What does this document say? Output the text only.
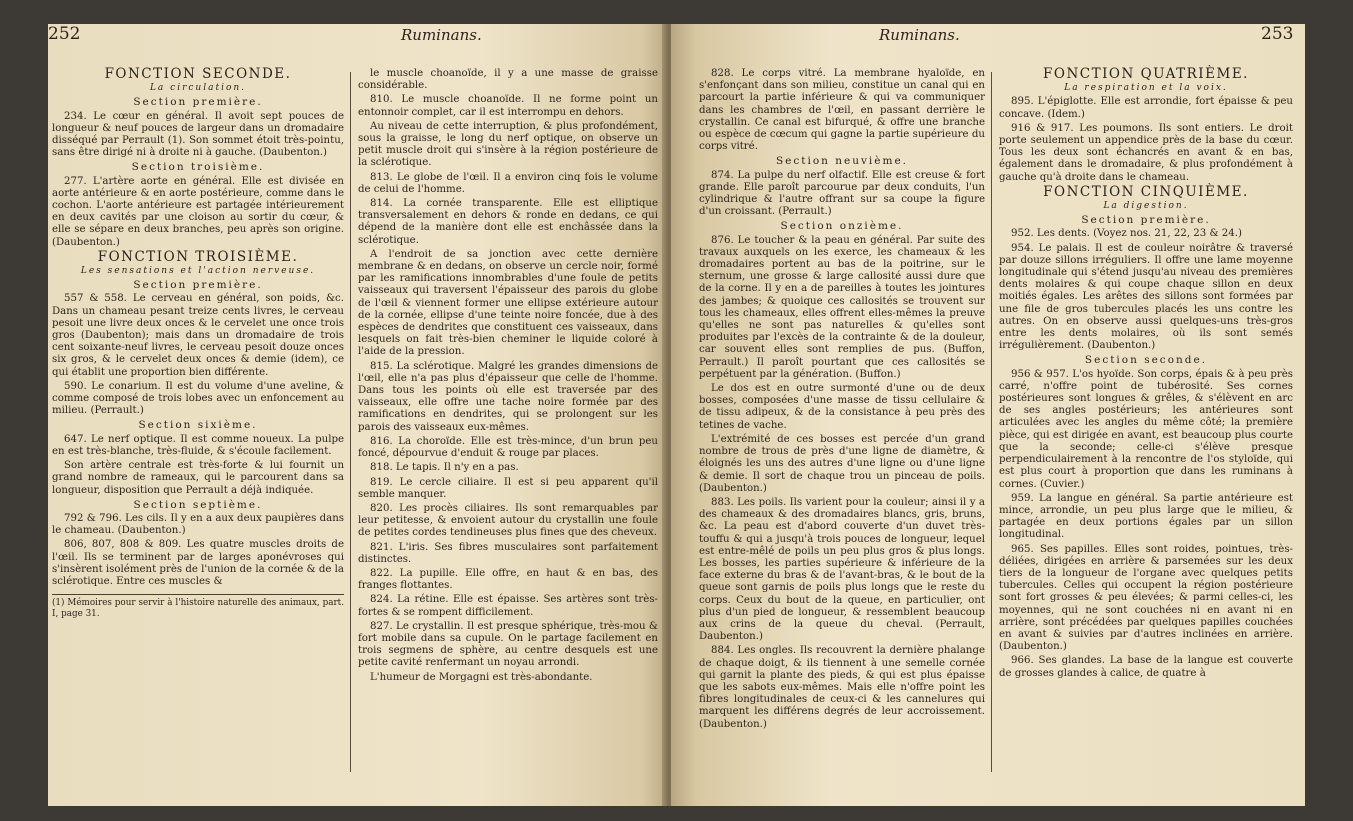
Ruminans.
252

FONCTION SECONDE.

La circulation.

Section première.

234. Le cœur en général. Il avoit sept pouces de longueur & neuf pouces de largeur dans un dromadaire disséqué par Perrault (1). Son sommet étoit très-pointu, sans être dirigé ni à droite ni à gauche. (Daubenton.)

Section troisième.

277. L'artère aorte en général. Elle est divisée en aorte antérieure & en aorte postérieure, comme dans le cochon. L'aorte antérieure est partagée intérieurement en deux cavités par une cloison au sortir du cœur, & elle se sépare en deux branches, peu après son origine. (Daubenton.)

FONCTION TROISIÈME.

Les sensations et l'action nerveuse.

Section première.

557 & 558. Le cerveau en général, son poids, &c. Dans un chameau pesant treize cents livres, le cerveau pesoit une livre deux onces & le cervelet une once trois gros (Daubenton); mais dans un dromadaire de trois cent soixante-neuf livres, le cerveau pesoit douze onces six gros, & le cervelet deux onces & demie (idem), ce qui établit une proportion bien différente.

590. Le conarium. Il est du volume d'une aveline, & comme composé de trois lobes avec un enfoncement au milieu. (Perrault.)

Section sixième.

647. Le nerf optique. Il est comme noueux. La pulpe en est très-blanche, très-fluide, & s'écoule facilement.

Son artère centrale est très-forte & lui fournit un grand nombre de rameaux, qui le parcourent dans sa longueur, disposition que Perrault a déjà indiquée.

Section septième.

792 & 796. Les cils. Il y en a aux deux paupières dans le chameau. (Daubenton.)

806, 807, 808 & 809. Les quatre muscles droits de l'œil. Ils se terminent par de larges aponévroses qui s'insèrent isolément près de l'union de la cornée & de la sclérotique. Entre ces muscles &

(1) Mémoires pour servir à l'histoire naturelle des animaux, part. I, page 31.

le muscle choanoïde, il y a une masse de graisse considérable.

810. Le muscle choanoïde. Il ne forme point un entonnoir complet, car il est interrompu en dehors.

Au niveau de cette interruption, & plus profondément, sous la graisse, le long du nerf optique, on observe un petit muscle droit qui s'insère à la région postérieure de la sclérotique.

813. Le globe de l'œil. Il a environ cinq fois le volume de celui de l'homme.

814. La cornée transparente. Elle est elliptique transversalement en dehors & ronde en dedans, ce qui dépend de la manière dont elle est enchâssée dans la sclérotique.

A l'endroit de sa jonction avec cette dernière membrane & en dedans, on observe un cercle noir, formé par les ramifications innombrables d'une foule de petits vaisseaux qui traversent l'épaisseur des parois du globe de l'œil & viennent former une ellipse extérieure autour de la cornée, ellipse d'une teinte noire foncée, due à des espèces de dendrites que constituent ces vaisseaux, dans lesquels on fait très-bien cheminer le liquide coloré à l'aide de la pression.

815. La sclérotique. Malgré les grandes dimensions de l'œil, elle n'a pas plus d'épaisseur que celle de l'homme. Dans tous les points où elle est traversée par des vaisseaux, elle offre une tache noire formée par des ramifications en dendrites, qui se prolongent sur les parois des vaisseaux eux-mêmes.

816. La choroïde. Elle est très-mince, d'un brun peu foncé, dépourvue d'enduit & rouge par places.

818. Le tapis. Il n'y en a pas.

819. Le cercle ciliaire. Il est si peu apparent qu'il semble manquer.

820. Les procès ciliaires. Ils sont remarquables par leur petitesse, & envoient autour du crystallin une foule de petites cordes tendineuses plus fines que des cheveux.

821. L'iris. Ses fibres musculaires sont parfaitement distinctes.

822. La pupille. Elle offre, en haut & en bas, des franges flottantes.

824. La rétine. Elle est épaisse. Ses artères sont très-fortes & se rompent difficilement.

827. Le crystallin. Il est presque sphérique, très-mou & fort mobile dans sa cupule. On le partage facilement en trois segmens de sphère, au centre desquels est une petite cavité renfermant un noyau arrondi.

L'humeur de Morgagni est très-abondante.

Ruminans.	253

828. Le corps vitré. La membrane hyaloïde, en s'enfonçant dans son milieu, constitue un canal qui en parcourt la partie inférieure & qui va communiquer dans les chambres de l'œil, en passant derrière le crystallin. Ce canal est bifurqué, & offre une branche ou espèce de cœcum qui gagne la partie supérieure du corps vitré.

Section neuvième.

874. La pulpe du nerf olfactif. Elle est creuse & fort grande. Elle paroît parcourue par deux conduits, l'un cylindrique & l'autre offrant sur sa coupe la figure d'un croissant. (Perrault.)

Section onzième.

876. Le toucher & la peau en général. Par suite des travaux auxquels on les exerce, les chameaux & les dromadaires portent au bas de la poitrine, sur le sternum, une grosse & large callosité aussi dure que de la corne. Il y en a de pareilles à toutes les jointures des jambes; & quoique ces callosités se trouvent sur tous les chameaux, elles offrent elles-mêmes la preuve qu'elles ne sont pas naturelles & qu'elles sont produites par l'excès de la contrainte & de la douleur, car souvent elles sont remplies de pus. (Buffon, Perrault.) Il paroît pourtant que ces callosités se perpétuent par la génération. (Buffon.)

Le dos est en outre surmonté d'une ou de deux bosses, composées d'une masse de tissu cellulaire & de tissu adipeux, & de la consistance à peu près des tetines de vache.

L'extrémité de ces bosses est percée d'un grand nombre de trous de près d'une ligne de diamètre, & éloignés les uns des autres d'une ligne ou d'une ligne & demie. Il sort de chaque trou un pinceau de poils. (Daubenton.)

883. Les poils. Ils varient pour la couleur; ainsi il y a des chameaux & des dromadaires blancs, gris, bruns, &c. La peau est d'abord couverte d'un duvet très-touffu & qui a jusqu'à trois pouces de longueur, lequel est entre-mêlé de poils un peu plus gros & plus longs. Les bosses, les parties supérieure & inférieure de la face externe du bras & de l'avant-bras, & le bout de la queue sont garnis de poils plus longs que le reste du corps. Ceux du bout de la queue, en particulier, ont plus d'un pied de longueur, & ressemblent beaucoup aux crins de la queue du cheval. (Perrault, Daubenton.)

884. Les ongles. Ils recouvrent la dernière phalange de chaque doigt, & ils tiennent à une semelle cornée qui garnit la plante des pieds, & qui est plus épaisse que les sabots eux-mêmes. Mais elle n'offre point les fibres longitudinales de ceux-ci & les cannelures qui marquent les différens degrés de leur accroissement. (Daubenton.)

FONCTION QUATRIÈME.

La respiration et la voix.

895. L'épiglotte. Elle est arrondie, fort épaisse & peu concave. (Idem.)

916 & 917. Les poumons. Ils sont entiers. Le droit porte seulement un appendice près de la base du cœur. Tous les deux sont échancrés en avant & en bas, également dans le dromadaire, & plus profondément à gauche qu'à droite dans le chameau.

FONCTION CINQUIÈME.

La digestion.

Section première.

952. Les dents. (Voyez nos. 21, 22, 23 & 24.)

954. Le palais. Il est de couleur noirâtre & traversé par douze sillons irréguliers. Il offre une lame moyenne longitudinale qui s'étend jusqu'au niveau des premières dents molaires & qui coupe chaque sillon en deux moitiés égales. Les arêtes des sillons sont formées par une file de gros tubercules placés les uns contre les autres. On en observe aussi quelques-uns très-gros entre les dents molaires, où ils sont semés irrégulièrement. (Daubenton.)

Section seconde.

956 & 957. L'os hyoïde. Son corps, épais & à peu près carré, n'offre point de tubérosité. Ses cornes postérieures sont longues & grêles, & s'élèvent en arc de ses angles postérieurs; les antérieures sont articulées avec les angles du même côté; la première pièce, qui est dirigée en avant, est beaucoup plus courte que la seconde; celle-ci s'élève presque perpendiculairement à la rencontre de l'os styloïde, qui est plus court à proportion que dans les ruminans à cornes. (Cuvier.)

959. La langue en général. Sa partie antérieure est mince, arrondie, un peu plus large que le milieu, & partagée en deux portions égales par un sillon longitudinal.

965. Ses papilles. Elles sont roides, pointues, très-déliées, dirigées en arrière & parsemées sur les deux tiers de la longueur de l'organe avec quelques petits tubercules. Celles qui occupent la région postérieure sont fort grosses & peu élevées; & parmi celles-ci, les moyennes, qui ne sont couchées ni en avant ni en arrière, sont précédées par quelques papilles couchées en avant & suivies par d'autres inclinées en arrière. (Daubenton.)

966. Ses glandes. La base de la langue est couverte de grosses glandes à calice, de quatre à
